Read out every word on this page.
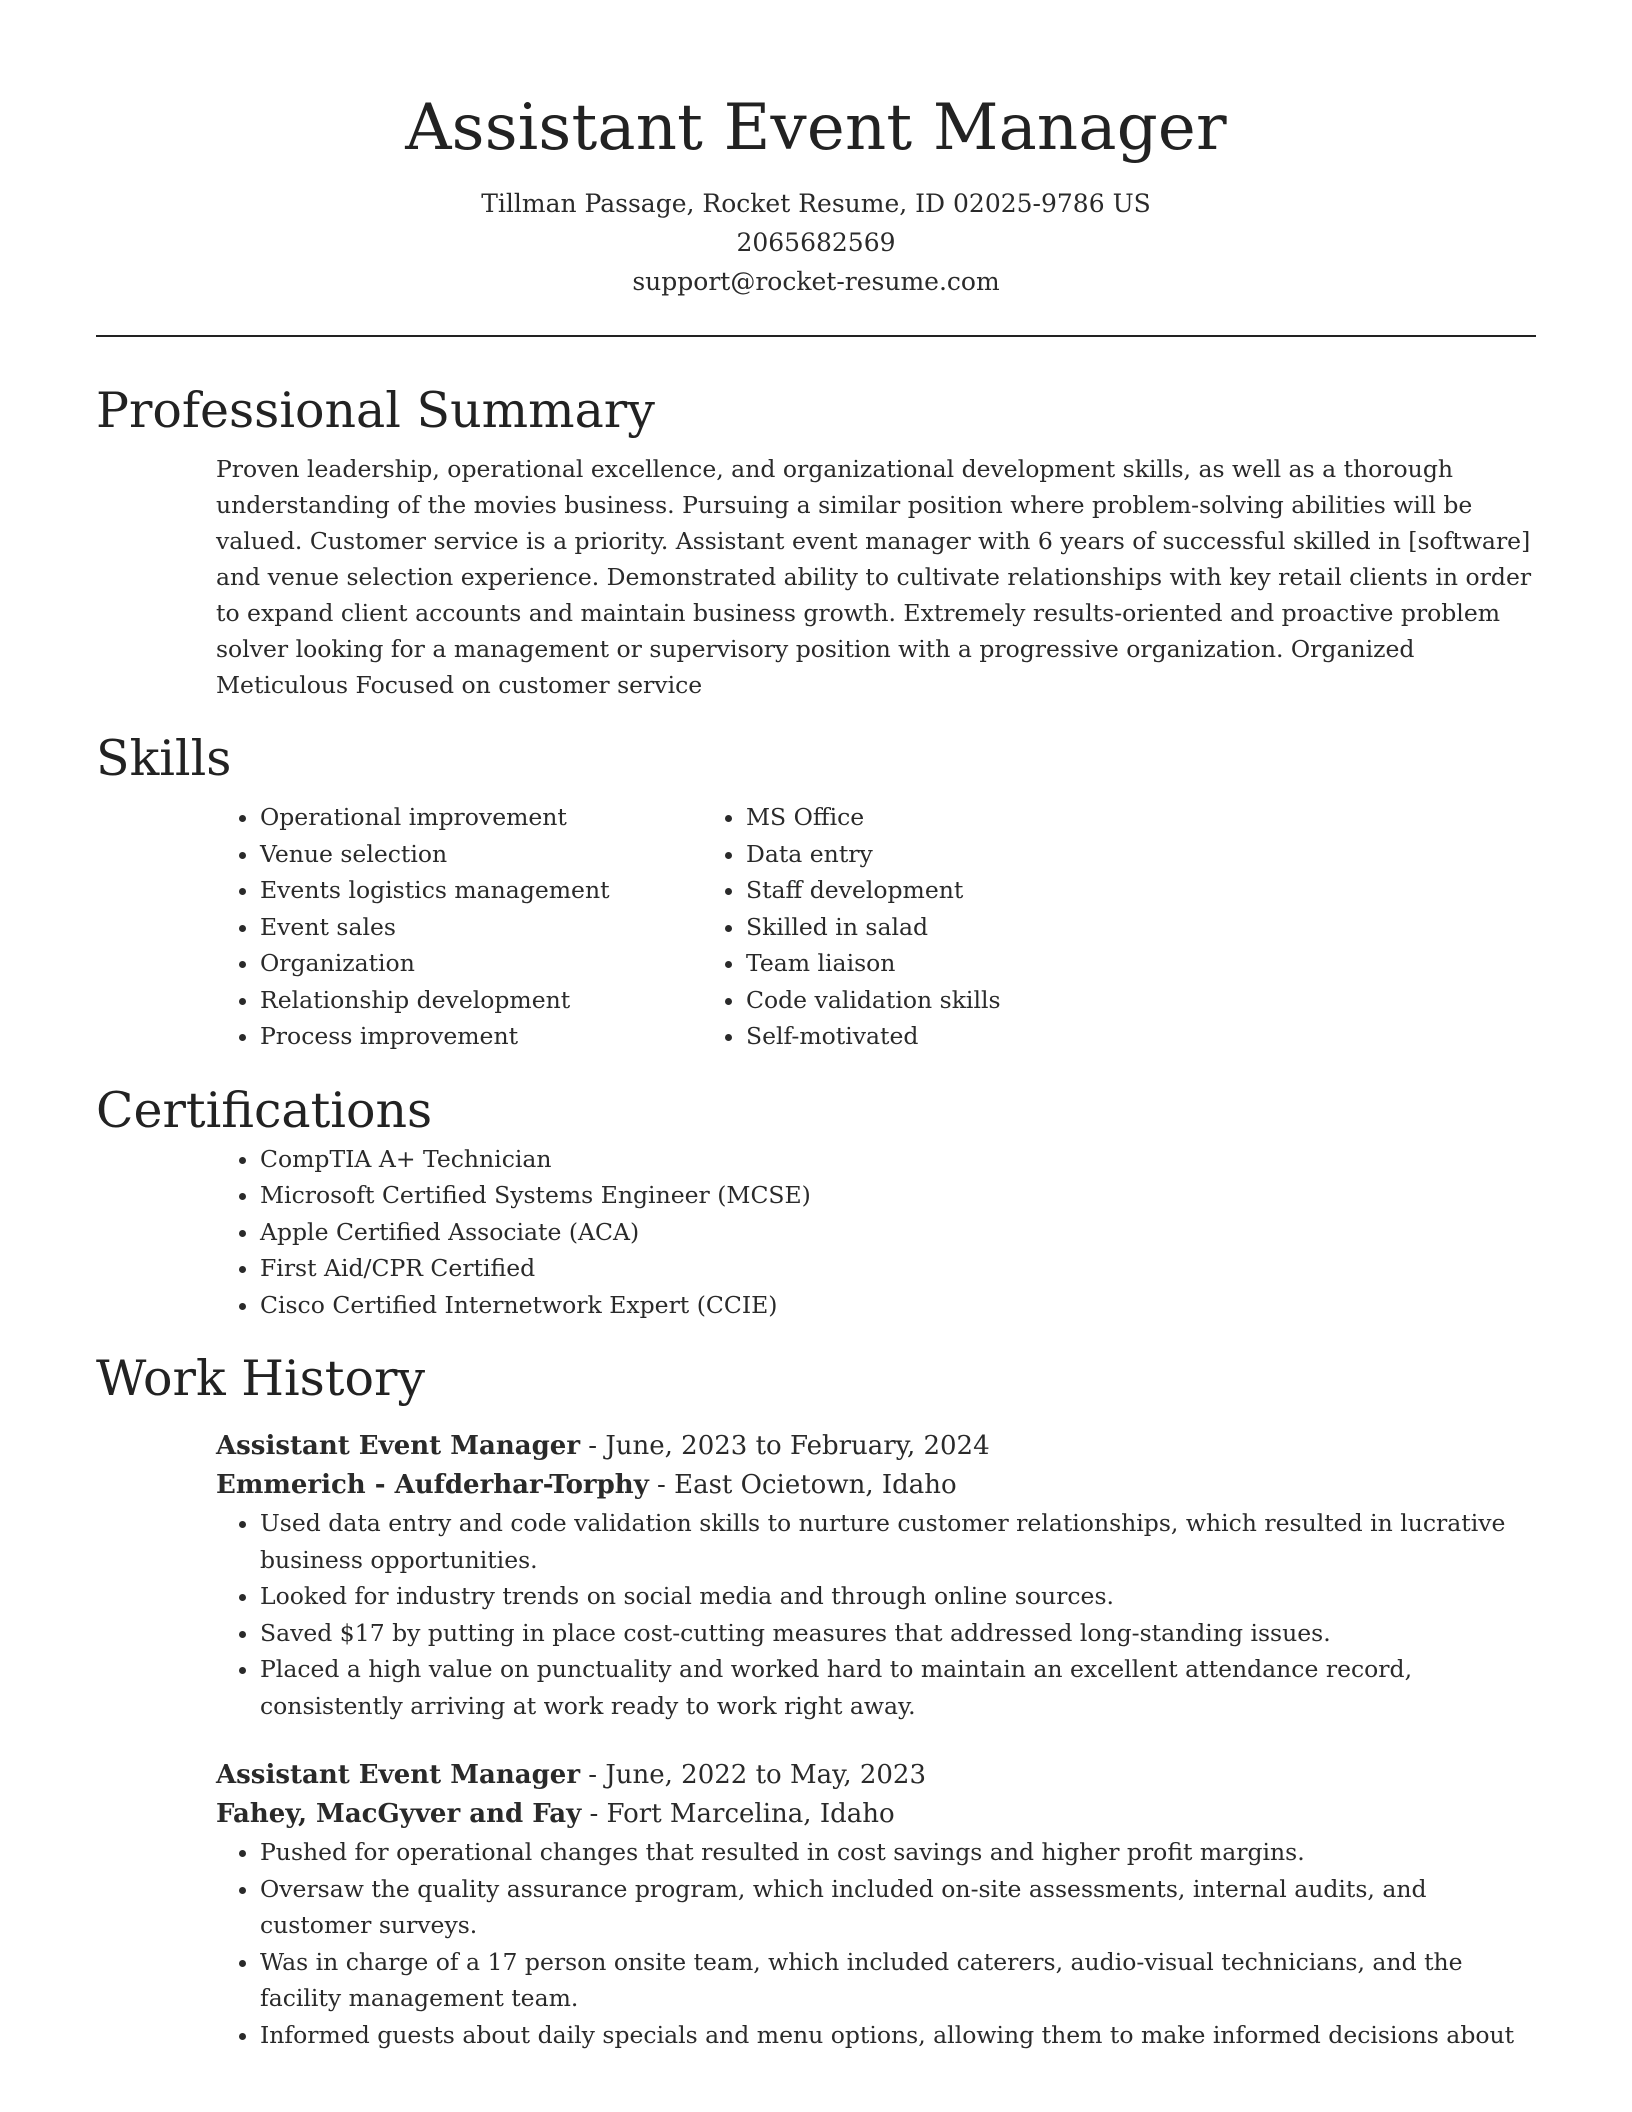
Assistant Event Manager
Tillman Passage, Rocket Resume, ID 02025-9786 US
2065682569
support@rocket-resume.com
Professional Summary

Proven leadership, operational excellence, and organizational development skills, as well as a thorough understanding of the movies business. Pursuing a similar position where problem-solving abilities will be valued. Customer service is a priority. Assistant event manager with 6 years of successful skilled in [software] and venue selection experience. Demonstrated ability to cultivate relationships with key retail clients in order to expand client accounts and maintain business growth. Extremely results-oriented and proactive problem solver looking for a management or supervisory position with a progressive organization. Organized Meticulous Focused on customer service

Skills
• Operational improvement
• Venue selection
• Events logistics management
• Event sales
• Organization
• Relationship development
• Process improvement
• MS Office
• Data entry
• Staff development
• Skilled in salad
• Team liaison
• Code validation skills
• Self-motivated
Certifications
• CompTIA A+ Technician
• Microsoft Certified Systems Engineer (MCSE)
• Apple Certified Associate (ACA)
• First Aid/CPR Certified
• Cisco Certified Internetwork Expert (CCIE)
Work History
Assistant Event Manager - June, 2023 to February, 2024
Emmerich - Aufderhar-Torphy - East Ocietown, Idaho
• Used data entry and code validation skills to nurture customer relationships, which resulted in lucrative business opportunities.
• Looked for industry trends on social media and through online sources.
• Saved $17 by putting in place cost-cutting measures that addressed long-standing issues.
• Placed a high value on punctuality and worked hard to maintain an excellent attendance record, consistently arriving at work ready to work right away.
Assistant Event Manager - June, 2022 to May, 2023
Fahey, MacGyver and Fay - Fort Marcelina, Idaho
• Pushed for operational changes that resulted in cost savings and higher profit margins.
• Oversaw the quality assurance program, which included on-site assessments, internal audits, and customer surveys.
• Was in charge of a 17 person onsite team, which included caterers, audio-visual technicians, and the facility management team.
• Informed guests about daily specials and menu options, allowing them to make informed decisions about
